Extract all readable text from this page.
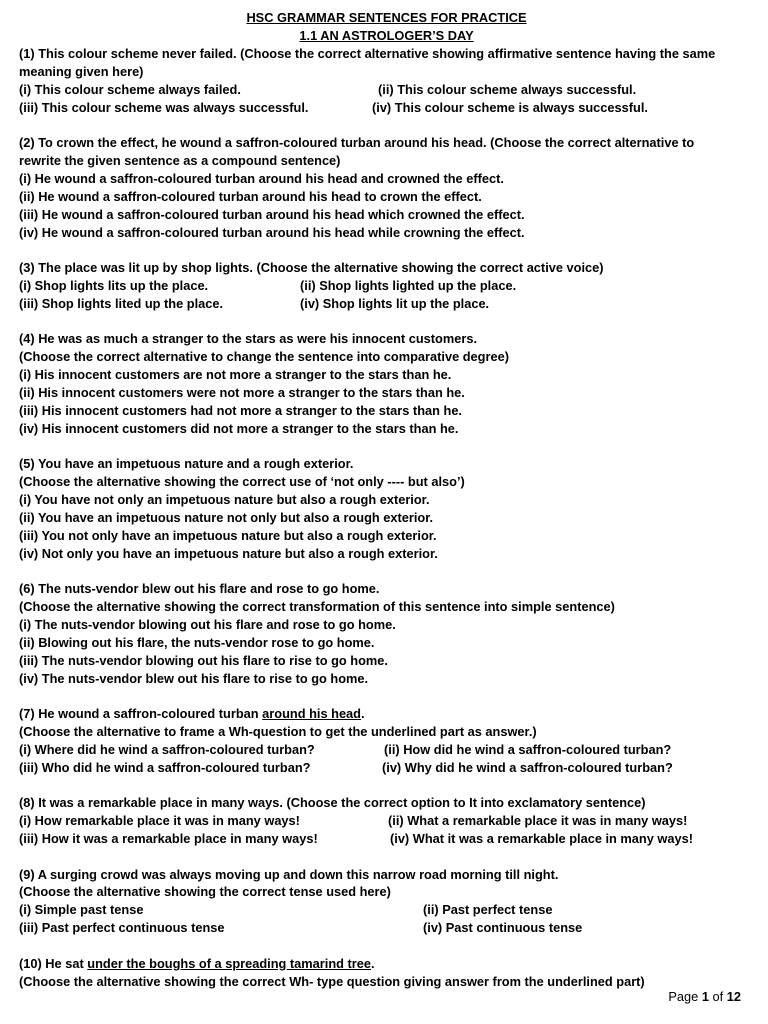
HSC GRAMMAR SENTENCES FOR PRACTICE
1.1 AN ASTROLOGER’S DAY
(1) This colour scheme never failed. (Choose the correct alternative showing affirmative sentence having the same
meaning given here)
(i) This colour scheme always failed.	(ii) This colour scheme always successful.
(iii) This colour scheme was always successful.	(iv) This colour scheme is always successful.
(2) To crown the effect, he wound a saffron-coloured turban around his head. (Choose the correct alternative to
rewrite the given sentence as a compound sentence)
(i) He wound a saffron-coloured turban around his head and crowned the effect.
(ii) He wound a saffron-coloured turban around his head to crown the effect.
(iii) He wound a saffron-coloured turban around his head which crowned the effect.
(iv) He wound a saffron-coloured turban around his head while crowning the effect.
(3) The place was lit up by shop lights. (Choose the alternative showing the correct active voice)
(i) Shop lights lits up the place.	(ii) Shop lights lighted up the place.
(iii) Shop lights lited up the place.	(iv) Shop lights lit up the place.
(4) He was as much a stranger to the stars as were his innocent customers.
(Choose the correct alternative to change the sentence into comparative degree)
(i) His innocent customers are not more a stranger to the stars than he.
(ii) His innocent customers were not more a stranger to the stars than he.
(iii) His innocent customers had not more a stranger to the stars than he.
(iv) His innocent customers did not more a stranger to the stars than he.
(5) You have an impetuous nature and a rough exterior.
(Choose the alternative showing the correct use of ‘not only ---- but also’)
(i) You have not only an impetuous nature but also a rough exterior.
(ii) You have an impetuous nature not only but also a rough exterior.
(iii) You not only have an impetuous nature but also a rough exterior.
(iv) Not only you have an impetuous nature but also a rough exterior.
(6) The nuts-vendor blew out his flare and rose to go home.
(Choose the alternative showing the correct transformation of this sentence into simple sentence)
(i) The nuts-vendor blowing out his flare and rose to go home.
(ii) Blowing out his flare, the nuts-vendor rose to go home.
(iii) The nuts-vendor blowing out his flare to rise to go home.
(iv) The nuts-vendor blew out his flare to rise to go home.
(7) He wound a saffron-coloured turban around his head.
(Choose the alternative to frame a Wh-question to get the underlined part as answer.)
(i) Where did he wind a saffron-coloured turban?	(ii) How did he wind a saffron-coloured turban?
(iii) Who did he wind a saffron-coloured turban?	(iv) Why did he wind a saffron-coloured turban?
(8) It was a remarkable place in many ways. (Choose the correct option to It into exclamatory sentence)
(i) How remarkable place it was in many ways!	(ii) What a remarkable place it was in many ways!
(iii) How it was a remarkable place in many ways!	(iv) What it was a remarkable place in many ways!
(9) A surging crowd was always moving up and down this narrow road morning till night.
(Choose the alternative showing the correct tense used here)
(i) Simple past tense	(ii) Past perfect tense
(iii) Past perfect continuous tense	(iv) Past continuous tense
(10) He sat under the boughs of a spreading tamarind tree.
(Choose the alternative showing the correct Wh- type question giving answer from the underlined part)
Page 1 of 12
